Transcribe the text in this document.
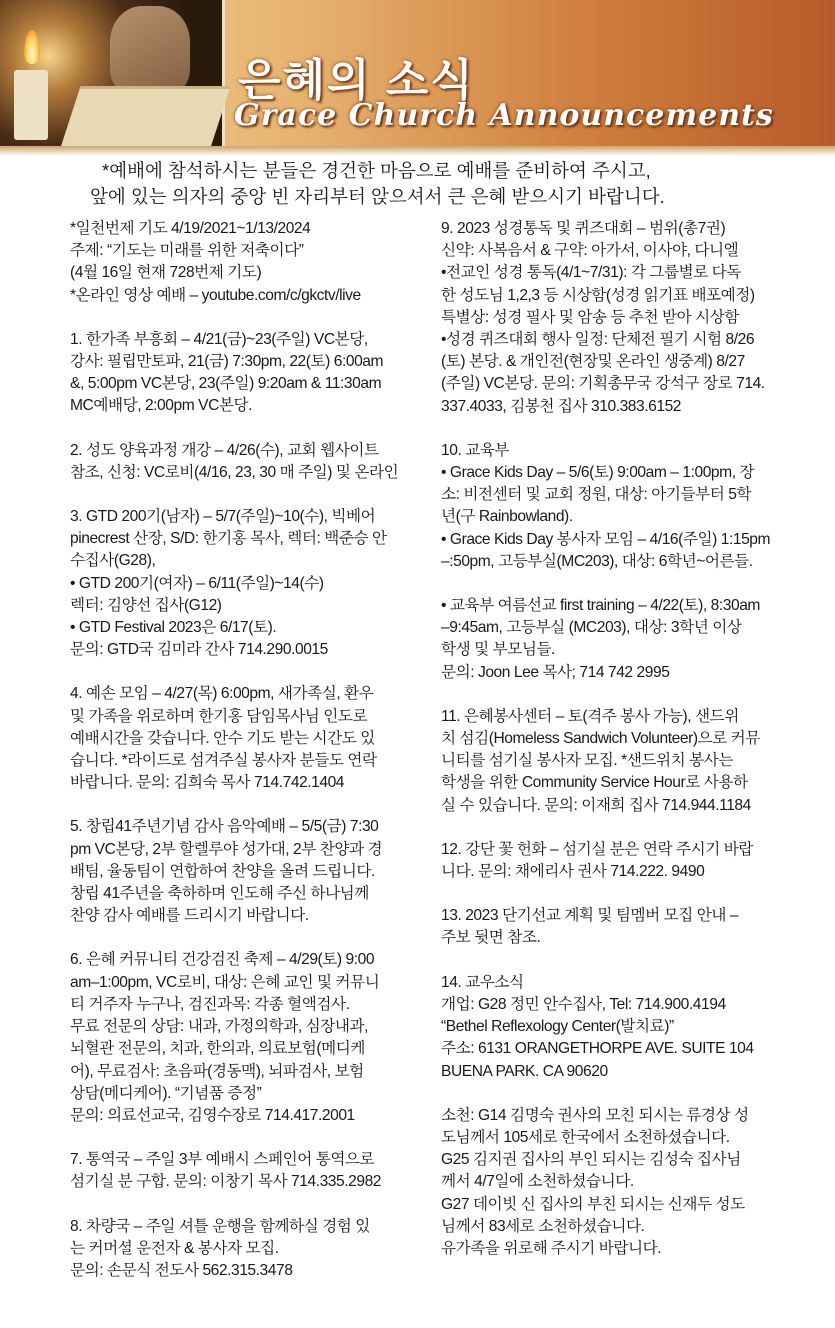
은혜의 소식
Grace Church Announcements
*예배에 참석하시는 분들은 경건한 마음으로 예배를 준비하여 주시고,
앞에 있는 의자의 중앙 빈 자리부터 앉으셔서 큰 은혜 받으시기 바랍니다.
*일천번제 기도 4/19/2021~1/13/2024
주제: “기도는 미래를 위한 저축이다”
(4월 16일 현재 728번제 기도)
*온라인 영상 예배 – youtube.com/c/gkctv/live
1. 한가족 부흥회 – 4/21(금)~23(주일) VC본당,
강사: 필립만토파, 21(금) 7:30pm, 22(토) 6:00am
&, 5:00pm VC본당, 23(주일) 9:20am & 11:30am
MC예배당, 2:00pm VC본당.
2. 성도 양육과정 개강 – 4/26(수), 교회 웹사이트
참조, 신청: VC로비(4/16, 23, 30 매 주일) 및 온라인
3. GTD 200기(남자) – 5/7(주일)~10(수), 빅베어
pinecrest 산장, S/D: 한기홍 목사, 렉터: 백준승 안
수집사(G28),
• GTD 200기(여자) – 6/11(주일)~14(수)
렉터: 김양선 집사(G12)
• GTD Festival 2023은 6/17(토).
문의: GTD국 김미라 간사 714.290.0015
4. 예손 모임 – 4/27(목) 6:00pm, 새가족실, 환우
및 가족을 위로하며 한기홍 담임목사님 인도로
예배시간을 갖습니다. 안수 기도 받는 시간도 있
습니다. *라이드로 섬겨주실 봉사자 분들도 연락
바랍니다. 문의: 김희숙 목사 714.742.1404
5. 창립41주년기념 감사 음악예배 – 5/5(금) 7:30
pm VC본당, 2부 할렐루야 성가대, 2부 찬양과 경
배팀, 율동팀이 연합하여 찬양을 올려 드립니다.
창립 41주년을 축하하며 인도해 주신 하나님께
찬양 감사 예배를 드리시기 바랍니다.
6. 은혜 커뮤니티 건강검진 축제 – 4/29(토) 9:00
am–1:00pm, VC로비, 대상: 은혜 교인 및 커뮤니
티 거주자 누구나, 검진과목: 각종 혈액검사.
무료 전문의 상담: 내과, 가정의학과, 심장내과,
뇌혈관 전문의, 치과, 한의과, 의료보험(메디케
어), 무료검사: 초음파(경동맥), 뇌파검사, 보험
상담(메디케어). “기념품 증정”
문의: 의료선교국, 김영수장로 714.417.2001
7. 통역국 – 주일 3부 예배시 스페인어 통역으로
섬기실 분 구합. 문의: 이창기 목사 714.335.2982
8. 차량국 – 주일 셔틀 운행을 함께하실 경험 있
는 커머셜 운전자 & 봉사자 모집.
문의: 손문식 전도사 562.315.3478
9. 2023 성경통독 및 퀴즈대회 – 범위(총7권)
신약: 사복음서 & 구약: 아가서, 이사야, 다니엘
•전교인 성경 통독(4/1~7/31): 각 그룹별로 다독
한 성도님 1,2,3 등 시상함(성경 읽기표 배포예정)
특별상: 성경 필사 및 암송 등 추천 받아 시상함
•성경 퀴즈대회 행사 일정: 단체전 필기 시험 8/26
(토) 본당. & 개인전(현장및 온라인 생중계) 8/27
(주일) VC본당. 문의: 기획총무국 강석구 장로 714.
337.4033, 김봉천 집사 310.383.6152
10. 교육부
• Grace Kids Day – 5/6(토) 9:00am – 1:00pm, 장
소: 비전센터 및 교회 정원, 대상: 아기들부터 5학
년(구 Rainbowland).
• Grace Kids Day 봉사자 모임 – 4/16(주일) 1:15pm
–:50pm, 고등부실(MC203), 대상: 6학년~어른들.
• 교육부 여름선교 first training – 4/22(토), 8:30am
–9:45am, 고등부실 (MC203), 대상: 3학년 이상
학생 및 부모님들.
문의: Joon Lee 목사; 714 742 2995
11. 은혜봉사센터 – 토(격주 봉사 가능), 샌드위
치 섬김(Homeless Sandwich Volunteer)으로 커뮤
니티를 섬기실 봉사자 모집. *샌드위치 봉사는
학생을 위한 Community Service Hour로 사용하
실 수 있습니다. 문의: 이재희 집사 714.944.1184
12. 강단 꽃 헌화 – 섬기실 분은 연락 주시기 바랍
니다. 문의: 채에리사 권사 714.222. 9490
13. 2023 단기선교 계획 및 팀멤버 모집 안내 –
주보 뒷면 참조.
14. 교우소식
개업: G28 정민 안수집사, Tel: 714.900.4194
“Bethel Reflexology Center(발치료)”
주소: 6131 ORANGETHORPE AVE. SUITE 104
BUENA PARK. CA 90620
소천: G14 김명숙 권사의 모친 되시는 류경상 성
도님께서 105세로 한국에서 소천하셨습니다.
G25 김지권 집사의 부인 되시는 김성숙 집사님
께서 4/7일에 소천하셨습니다.
G27 데이빗 신 집사의 부친 되시는 신재두 성도
님께서 83세로 소천하셨습니다.
유가족을 위로해 주시기 바랍니다.
